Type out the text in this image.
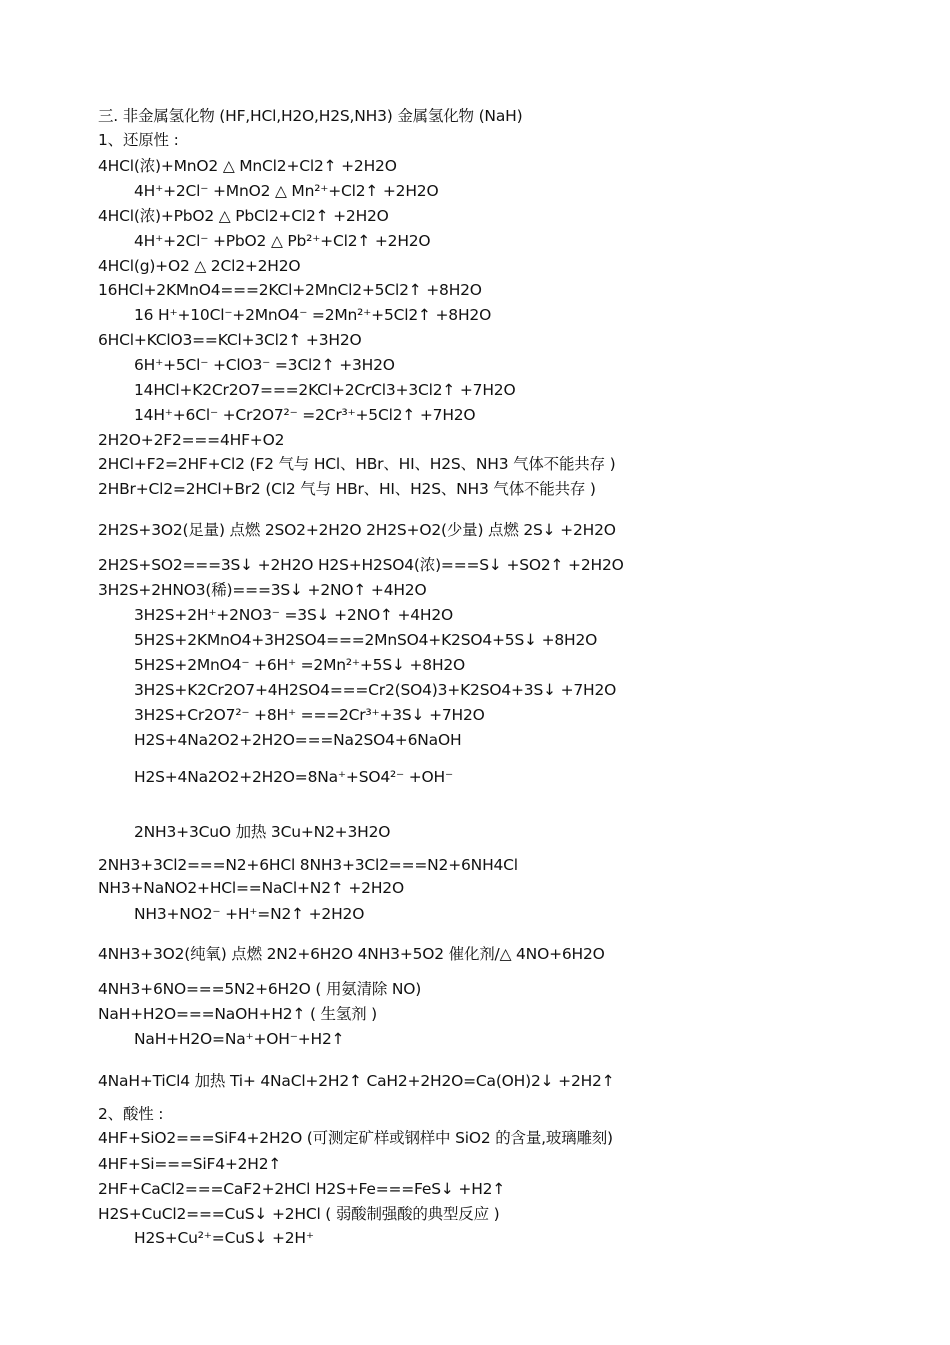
三. 非金属氢化物 (HF,HCl,H2O,H2S,NH3) 金属氢化物 (NaH)
1、还原性 :
4HCl(浓)+MnO2 △ MnCl2+Cl2↑ +2H2O
4H⁺+2Cl⁻ +MnO2 △ Mn²⁺+Cl2↑ +2H2O
4HCl(浓)+PbO2 △ PbCl2+Cl2↑ +2H2O
4H⁺+2Cl⁻ +PbO2 △ Pb²⁺+Cl2↑ +2H2O
4HCl(g)+O2 △ 2Cl2+2H2O
16HCl+2KMnO4===2KCl+2MnCl2+5Cl2↑ +8H2O
16 H⁺+10Cl⁻+2MnO4⁻ =2Mn²⁺+5Cl2↑ +8H2O
6HCl+KClO3==KCl+3Cl2↑ +3H2O
6H⁺+5Cl⁻ +ClO3⁻ =3Cl2↑ +3H2O
14HCl+K2Cr2O7===2KCl+2CrCl3+3Cl2↑ +7H2O
14H⁺+6Cl⁻ +Cr2O7²⁻ =2Cr³⁺+5Cl2↑ +7H2O
2H2O+2F2===4HF+O2
2HCl+F2=2HF+Cl2 (F2 气与 HCl、HBr、HI、H2S、NH3 气体不能共存 )
2HBr+Cl2=2HCl+Br2 (Cl2 气与 HBr、HI、H2S、NH3 气体不能共存 )
2H2S+3O2(足量) 点燃 2SO2+2H2O 2H2S+O2(少量) 点燃 2S↓ +2H2O
2H2S+SO2===3S↓ +2H2O H2S+H2SO4(浓)===S↓ +SO2↑ +2H2O
3H2S+2HNO3(稀)===3S↓ +2NO↑ +4H2O
3H2S+2H⁺+2NO3⁻ =3S↓ +2NO↑ +4H2O
5H2S+2KMnO4+3H2SO4===2MnSO4+K2SO4+5S↓ +8H2O
5H2S+2MnO4⁻ +6H⁺ =2Mn²⁺+5S↓ +8H2O
3H2S+K2Cr2O7+4H2SO4===Cr2(SO4)3+K2SO4+3S↓ +7H2O
3H2S+Cr2O7²⁻ +8H⁺ ===2Cr³⁺+3S↓ +7H2O
H2S+4Na2O2+2H2O===Na2SO4+6NaOH
H2S+4Na2O2+2H2O=8Na⁺+SO4²⁻ +OH⁻
2NH3+3CuO 加热 3Cu+N2+3H2O
2NH3+3Cl2===N2+6HCl 8NH3+3Cl2===N2+6NH4Cl
NH3+NaNO2+HCl==NaCl+N2↑ +2H2O
NH3+NO2⁻ +H⁺=N2↑ +2H2O
4NH3+3O2(纯氧) 点燃 2N2+6H2O 4NH3+5O2 催化剂/△ 4NO+6H2O
4NH3+6NO===5N2+6H2O ( 用氨清除 NO)
NaH+H2O===NaOH+H2↑ ( 生氢剂 )
NaH+H2O=Na⁺+OH⁻+H2↑
4NaH+TiCl4 加热 Ti+ 4NaCl+2H2↑ CaH2+2H2O=Ca(OH)2↓ +2H2↑
2、酸性 :
4HF+SiO2===SiF4+2H2O (可测定矿样或钢样中 SiO2 的含量,玻璃雕刻)
4HF+Si===SiF4+2H2↑
2HF+CaCl2===CaF2+2HCl H2S+Fe===FeS↓ +H2↑
H2S+CuCl2===CuS↓ +2HCl ( 弱酸制强酸的典型反应 )
H2S+Cu²⁺=CuS↓ +2H⁺
